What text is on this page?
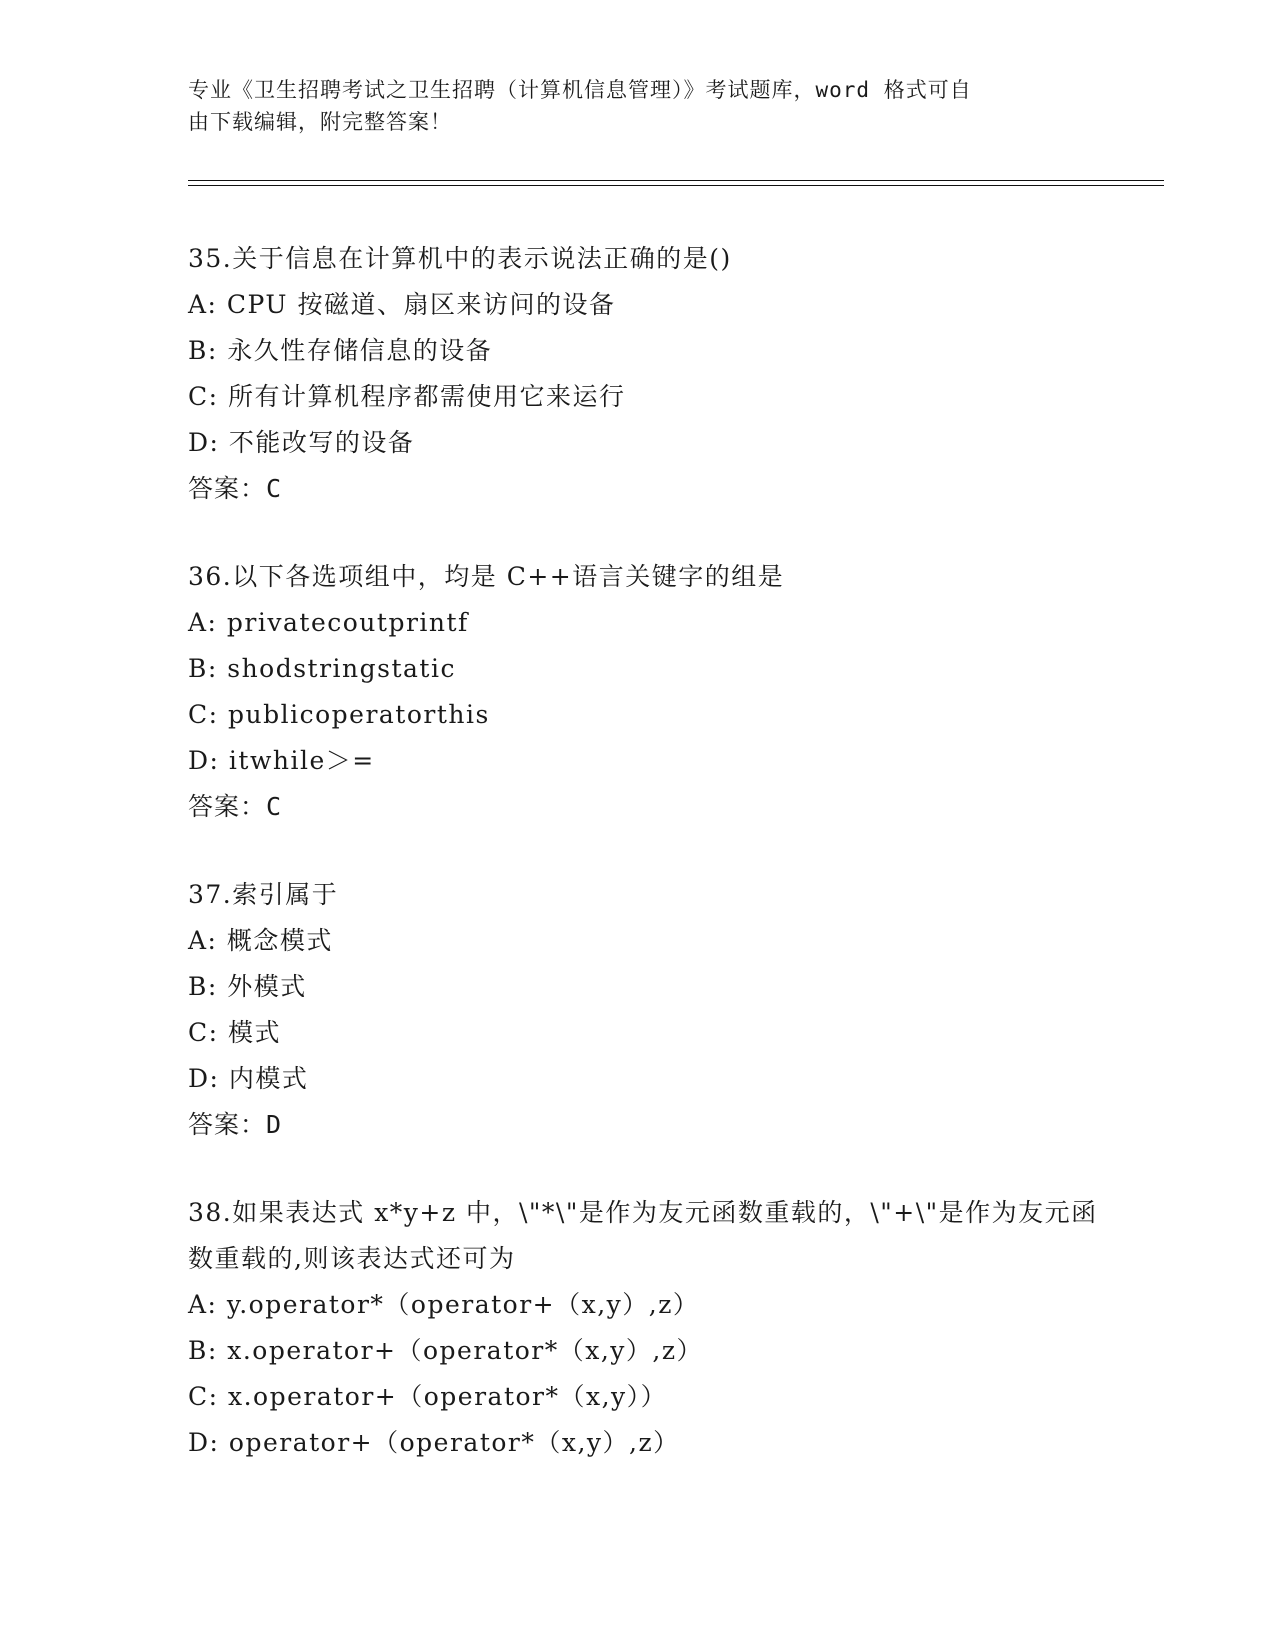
专业《卫生招聘考试之卫生招聘（计算机信息管理）》考试题库，word 格式可自
由下载编辑，附完整答案！
35.关于信息在计算机中的表示说法正确的是()
A: CPU 按磁道、扇区来访问的设备
B: 永久性存储信息的设备
C: 所有计算机程序都需使用它来运行
D: 不能改写的设备
答案：C
36.以下各选项组中，均是 C++语言关键字的组是
A: privatecoutprintf
B: shodstringstatic
C: publicoperatorthis
D: itwhile＞=
答案：C
37.索引属于
A: 概念模式
B: 外模式
C: 模式
D: 内模式
答案：D
38.如果表达式 x*y+z 中，\"*\"是作为友元函数重载的，\"+\"是作为友元函数重载的,则该表达式还可为
A: y.operator*（operator+（x,y）,z）
B: x.operator+（operator*（x,y）,z）
C: x.operator+（operator*（x,y））
D: operator+（operator*（x,y）,z）
